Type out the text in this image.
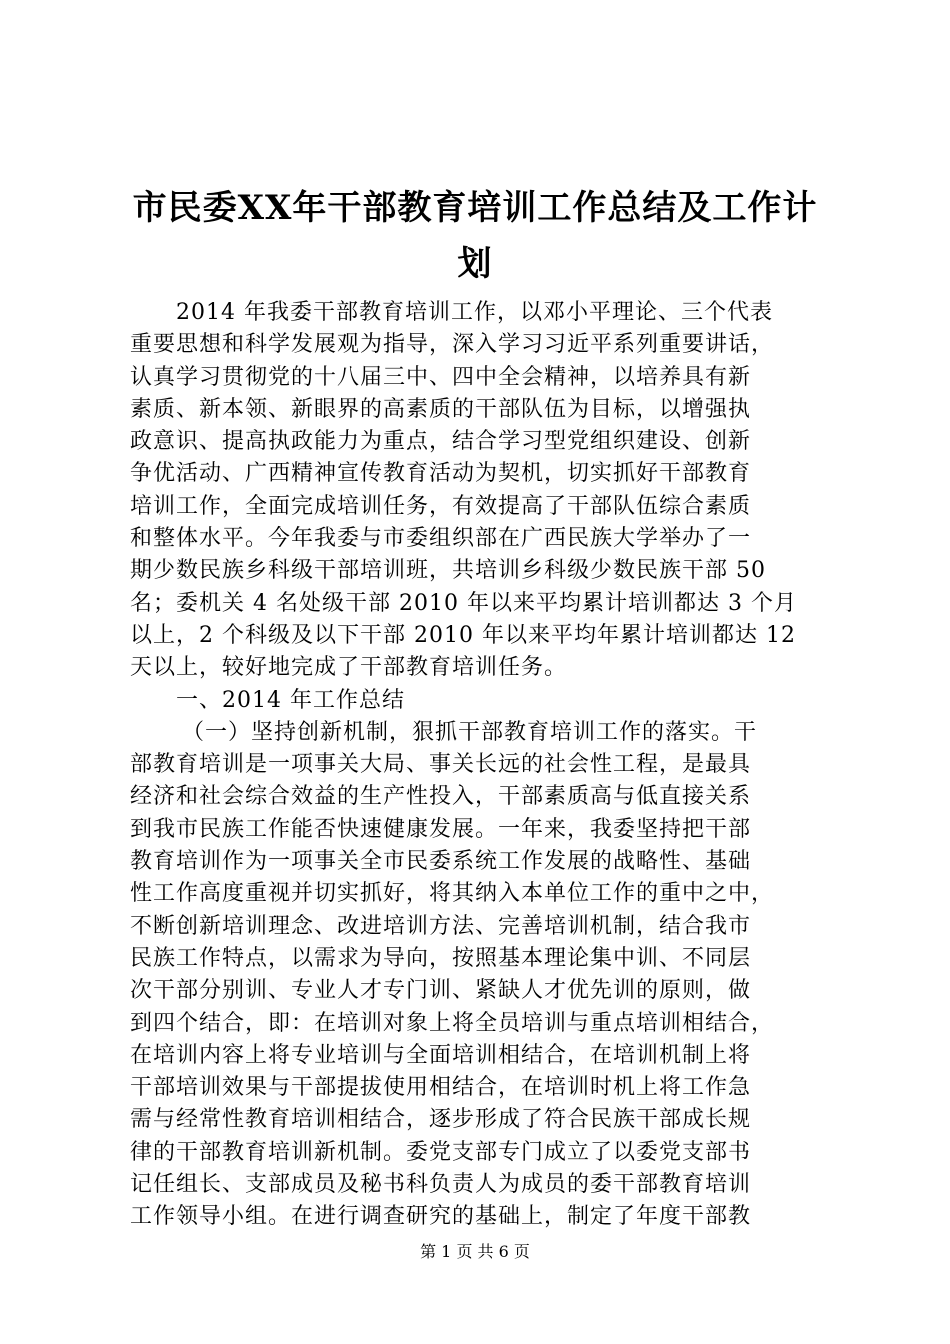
市民委XX年干部教育培训工作总结及工作计
划
2014 年我委干部教育培训工作，以邓小平理论、三个代表
重要思想和科学发展观为指导，深入学习习近平系列重要讲话，
认真学习贯彻党的十八届三中、四中全会精神，以培养具有新
素质、新本领、新眼界的高素质的干部队伍为目标，以增强执
政意识、提高执政能力为重点，结合学习型党组织建设、创新
争优活动、广西精神宣传教育活动为契机，切实抓好干部教育
培训工作，全面完成培训任务，有效提高了干部队伍综合素质
和整体水平。今年我委与市委组织部在广西民族大学举办了一
期少数民族乡科级干部培训班，共培训乡科级少数民族干部 50
名；委机关 4 名处级干部 2010 年以来平均累计培训都达 3 个月
以上，2 个科级及以下干部 2010 年以来平均年累计培训都达 12
天以上，较好地完成了干部教育培训任务。
一、2014 年工作总结
（一）坚持创新机制，狠抓干部教育培训工作的落实。干
部教育培训是一项事关大局、事关长远的社会性工程，是最具
经济和社会综合效益的生产性投入，干部素质高与低直接关系
到我市民族工作能否快速健康发展。一年来，我委坚持把干部
教育培训作为一项事关全市民委系统工作发展的战略性、基础
性工作高度重视并切实抓好，将其纳入本单位工作的重中之中，
不断创新培训理念、改进培训方法、完善培训机制，结合我市
民族工作特点，以需求为导向，按照基本理论集中训、不同层
次干部分别训、专业人才专门训、紧缺人才优先训的原则，做
到四个结合，即：在培训对象上将全员培训与重点培训相结合，
在培训内容上将专业培训与全面培训相结合，在培训机制上将
干部培训效果与干部提拔使用相结合，在培训时机上将工作急
需与经常性教育培训相结合，逐步形成了符合民族干部成长规
律的干部教育培训新机制。委党支部专门成立了以委党支部书
记任组长、支部成员及秘书科负责人为成员的委干部教育培训
工作领导小组。在进行调查研究的基础上，制定了年度干部教
第 1 页 共 6 页
